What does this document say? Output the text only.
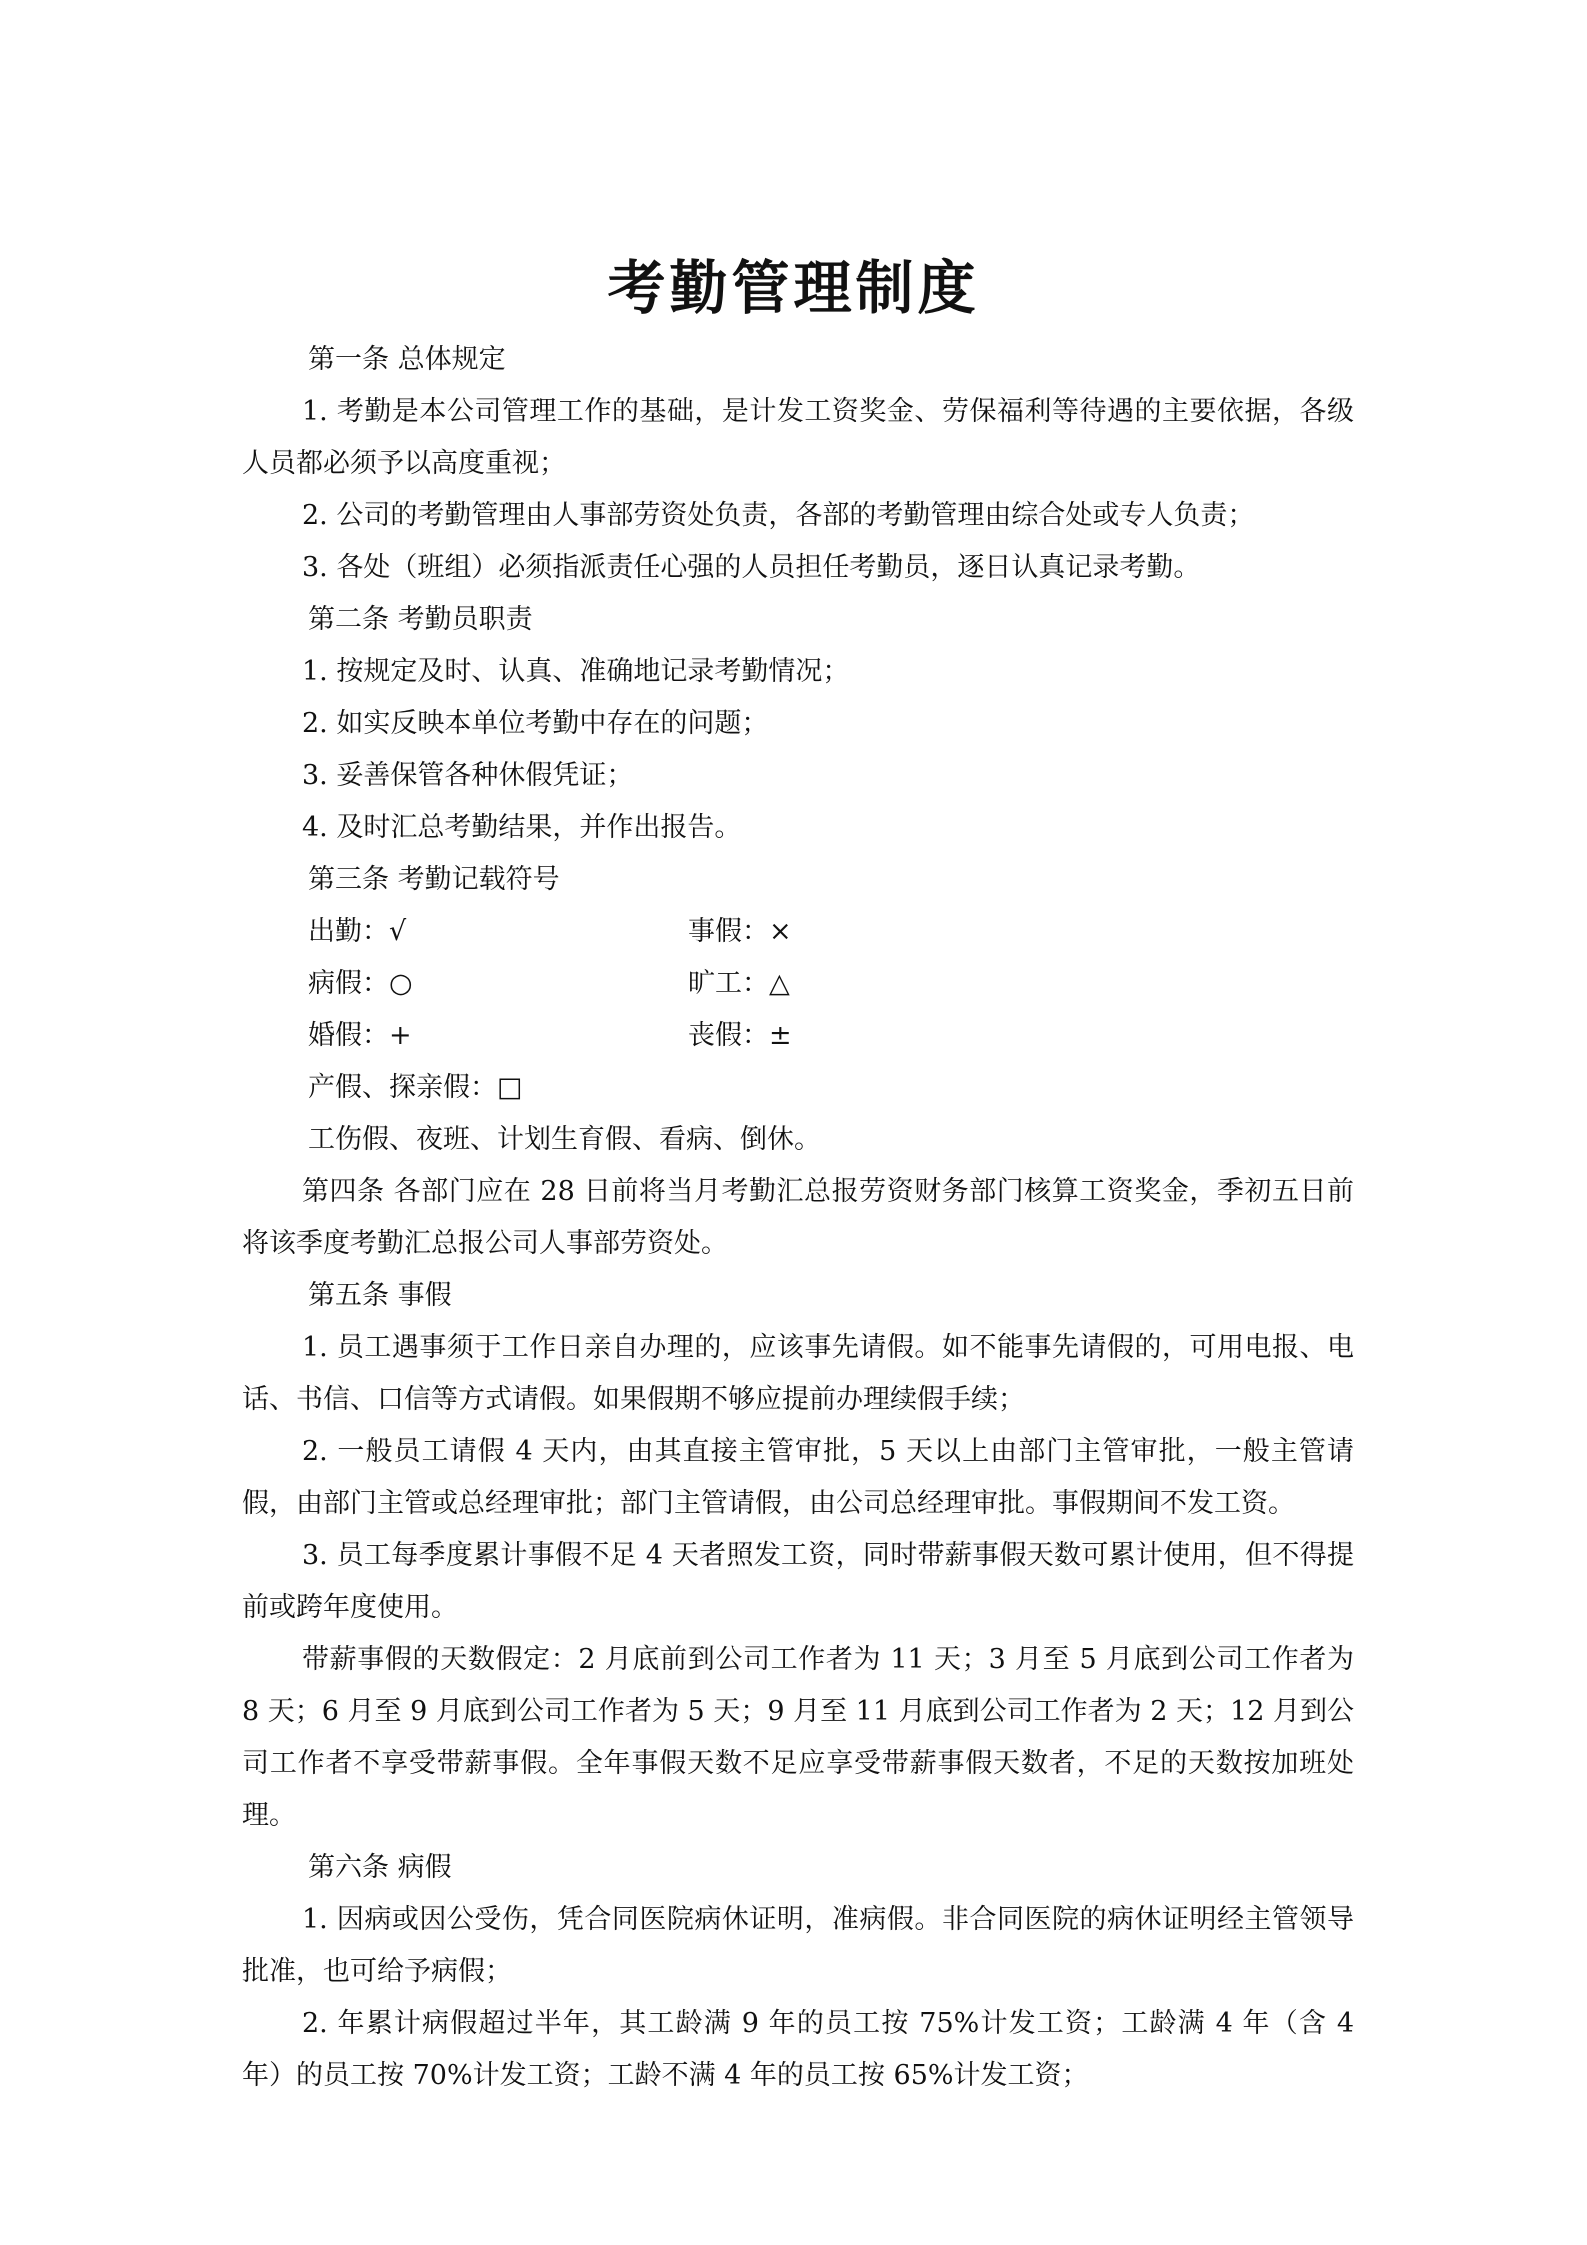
考勤管理制度

第一条 总体规定

1. 考勤是本公司管理工作的基础，是计发工资奖金、劳保福利等待遇的主要依据，各级人员都必须予以高度重视；

2. 公司的考勤管理由人事部劳资处负责，各部的考勤管理由综合处或专人负责；

3. 各处（班组）必须指派责任心强的人员担任考勤员，逐日认真记录考勤。

第二条 考勤员职责

1. 按规定及时、认真、准确地记录考勤情况；

2. 如实反映本单位考勤中存在的问题；

3. 妥善保管各种休假凭证；

4. 及时汇总考勤结果，并作出报告。

第三条 考勤记载符号

出勤：√	事假：×
病假：○	旷工：△
婚假：+	丧假：±

产假、探亲假：□

工伤假、夜班、计划生育假、看病、倒休。

第四条 各部门应在 28 日前将当月考勤汇总报劳资财务部门核算工资奖金，季初五日前将该季度考勤汇总报公司人事部劳资处。

第五条 事假

1. 员工遇事须于工作日亲自办理的，应该事先请假。如不能事先请假的，可用电报、电话、书信、口信等方式请假。如果假期不够应提前办理续假手续；

2. 一般员工请假 4 天内，由其直接主管审批，5 天以上由部门主管审批，一般主管请假，由部门主管或总经理审批；部门主管请假，由公司总经理审批。事假期间不发工资。

3. 员工每季度累计事假不足 4 天者照发工资，同时带薪事假天数可累计使用，但不得提前或跨年度使用。

带薪事假的天数假定：2 月底前到公司工作者为 11 天；3 月至 5 月底到公司工作者为 8 天；6 月至 9 月底到公司工作者为 5 天；9 月至 11 月底到公司工作者为 2 天；12 月到公司工作者不享受带薪事假。全年事假天数不足应享受带薪事假天数者，不足的天数按加班处理。

第六条 病假

1. 因病或因公受伤，凭合同医院病休证明，准病假。非合同医院的病休证明经主管领导批准，也可给予病假；

2. 年累计病假超过半年，其工龄满 9 年的员工按 75%计发工资；工龄满 4 年（含 4 年）的员工按 70%计发工资；工龄不满 4 年的员工按 65%计发工资；
